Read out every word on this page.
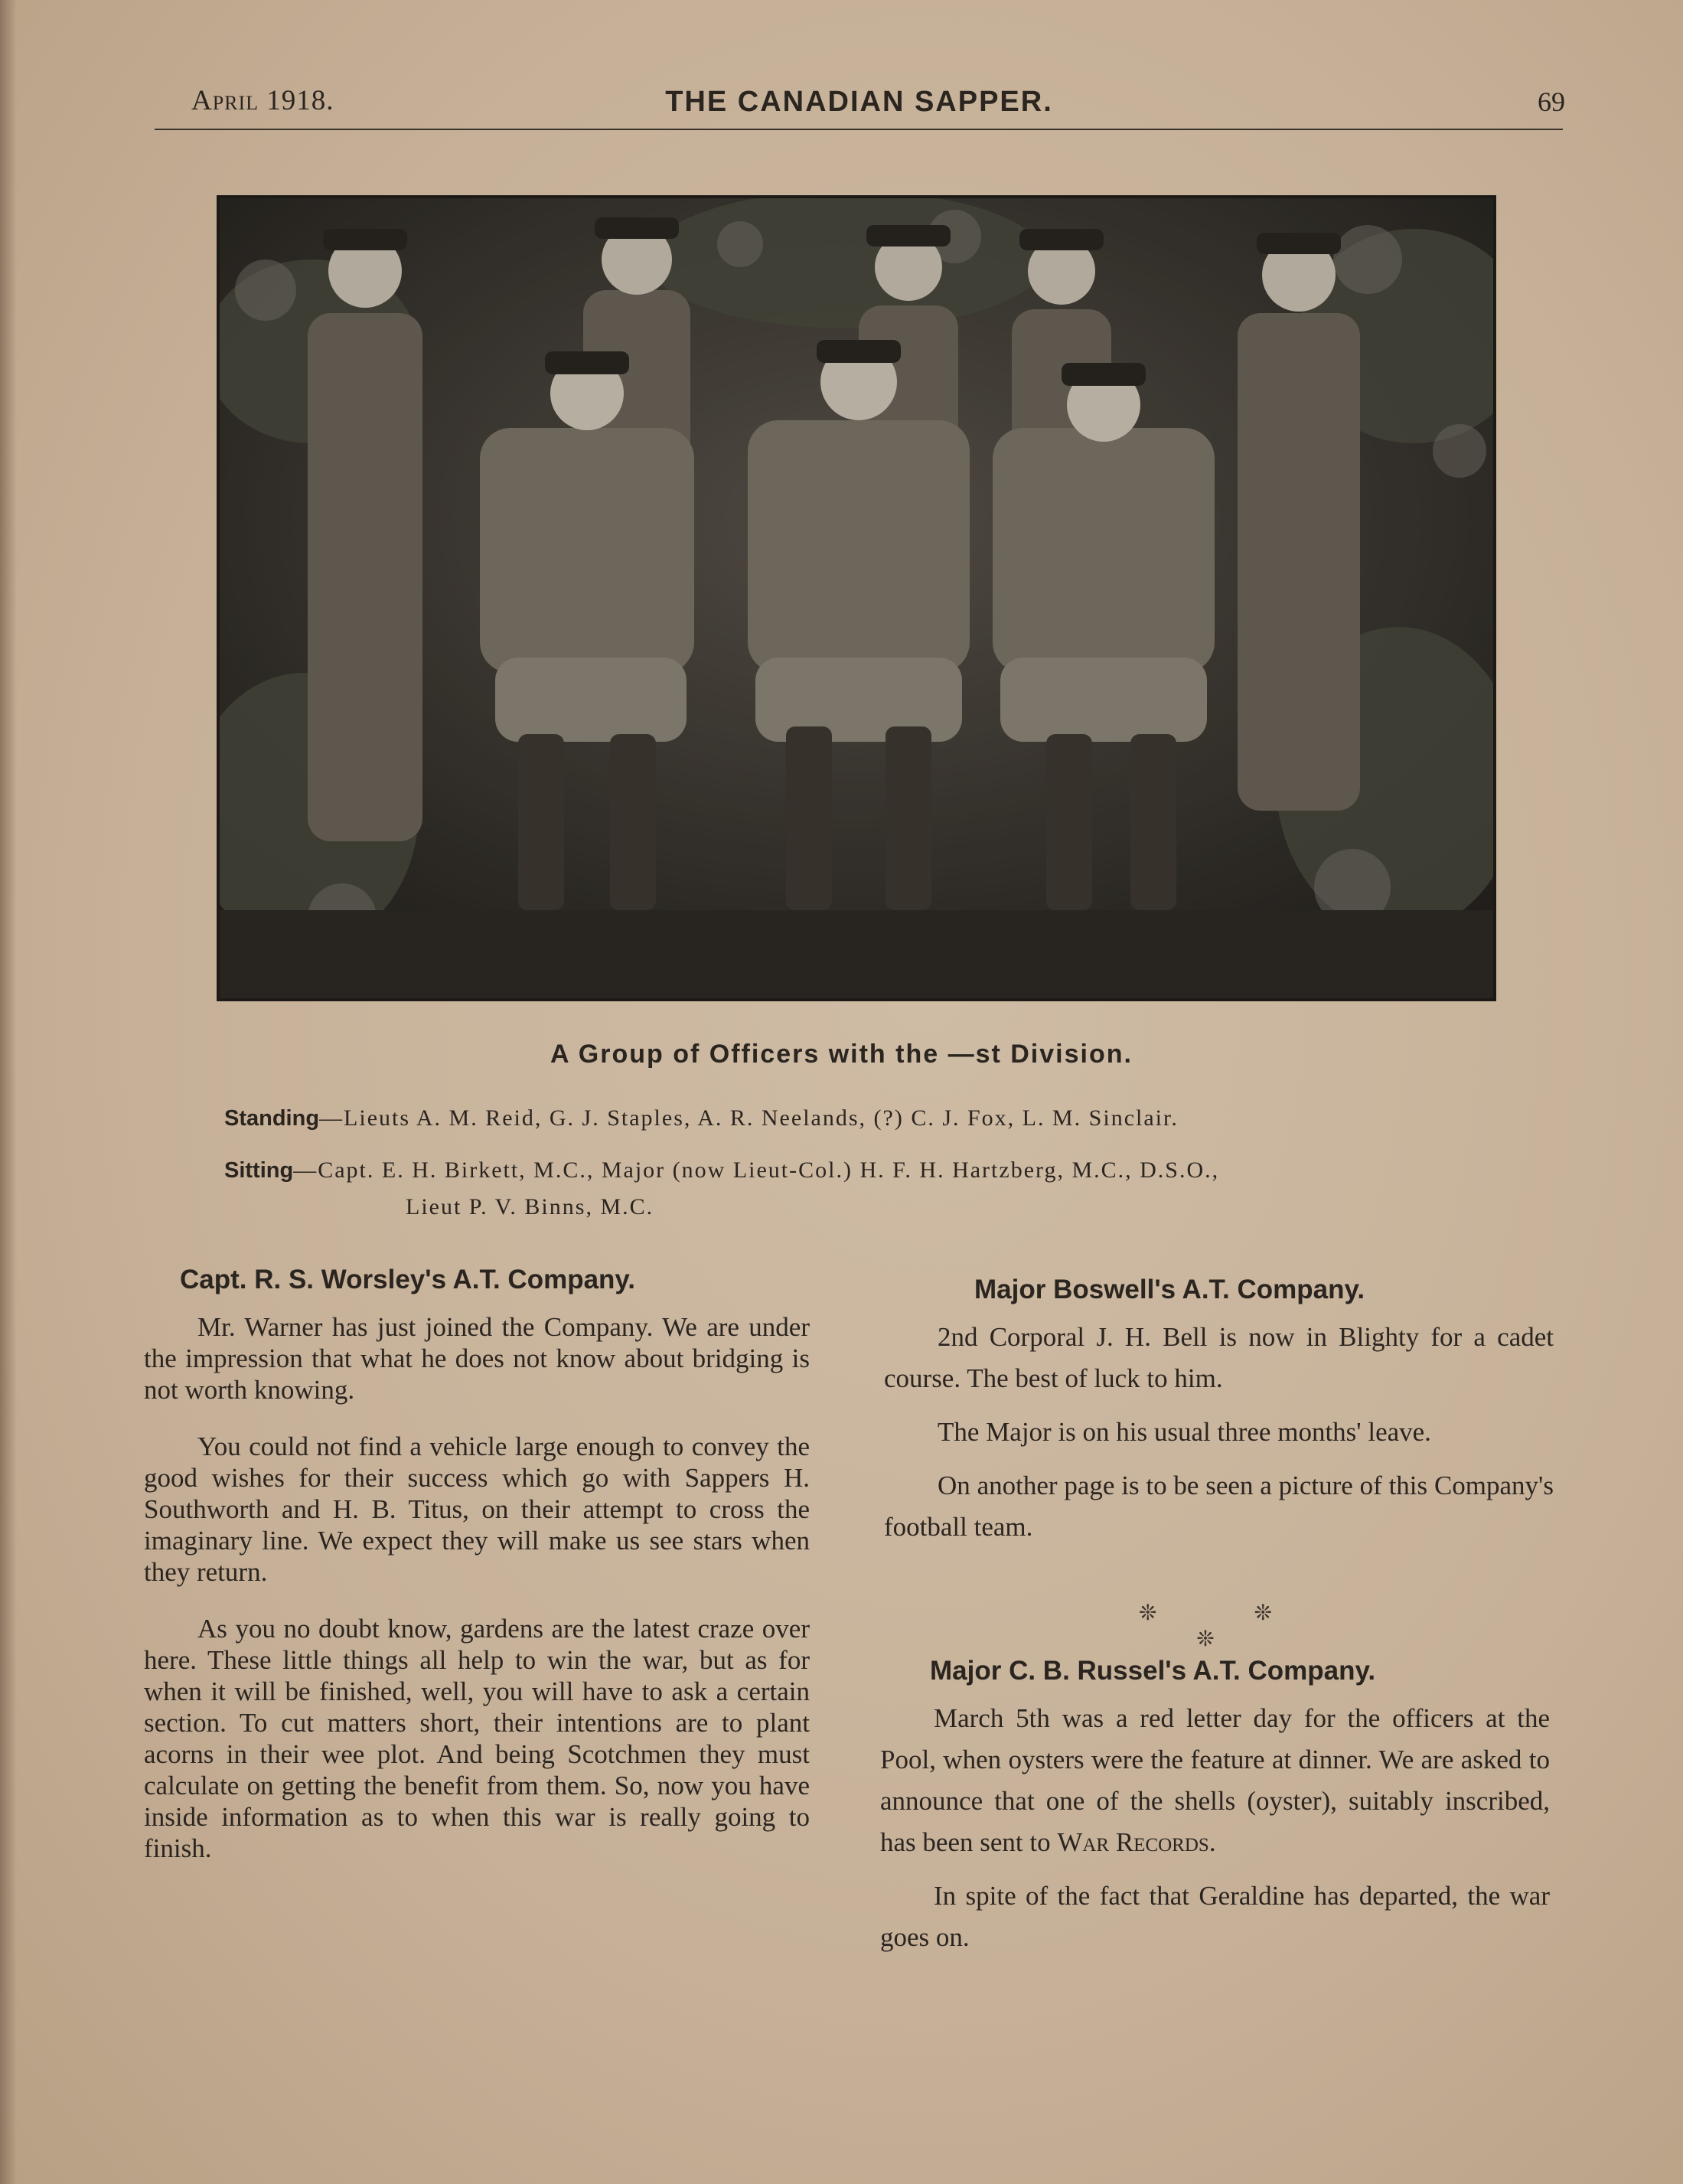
April 1918.	THE CANADIAN SAPPER.	69
A Group of Officers with the —st Division.
Standing—Lieuts A. M. Reid, G. J. Staples, A. R. Neelands, (?) C. J. Fox, L. M. Sinclair.
Sitting—Capt. E. H. Birkett, M.C., Major (now Lieut-Col.) H. F. H. Hartzberg, M.C., D.S.O.,
Lieut P. V. Binns, M.C.
Capt. R. S. Worsley's A.T. Company.

Mr. Warner has just joined the Company. We are under the impression that what he does not know about bridging is not worth knowing.

You could not find a vehicle large enough to convey the good wishes for their success which go with Sappers H. Southworth and H. B. Titus, on their attempt to cross the imaginary line. We expect they will make us see stars when they return.

As you no doubt know, gardens are the latest craze over here. These little things all help to win the war, but as for when it will be finished, well, you will have to ask a certain section. To cut matters short, their intentions are to plant acorns in their wee plot. And being Scotchmen they must calculate on getting the benefit from them. So, now you have inside information as to when this war is really going to finish.

Major Boswell's A.T. Company.

2nd Corporal J. H. Bell is now in Blighty for a cadet course. The best of luck to him.

The Major is on his usual three months' leave.

On another page is to be seen a picture of this Company's football team.

❊ ❊ ❊
Major C. B. Russel's A.T. Company.

March 5th was a red letter day for the officers at the Pool, when oysters were the feature at dinner. We are asked to announce that one of the shells (oyster), suitably inscribed, has been sent to War Records.

In spite of the fact that Geraldine has departed, the war goes on.
